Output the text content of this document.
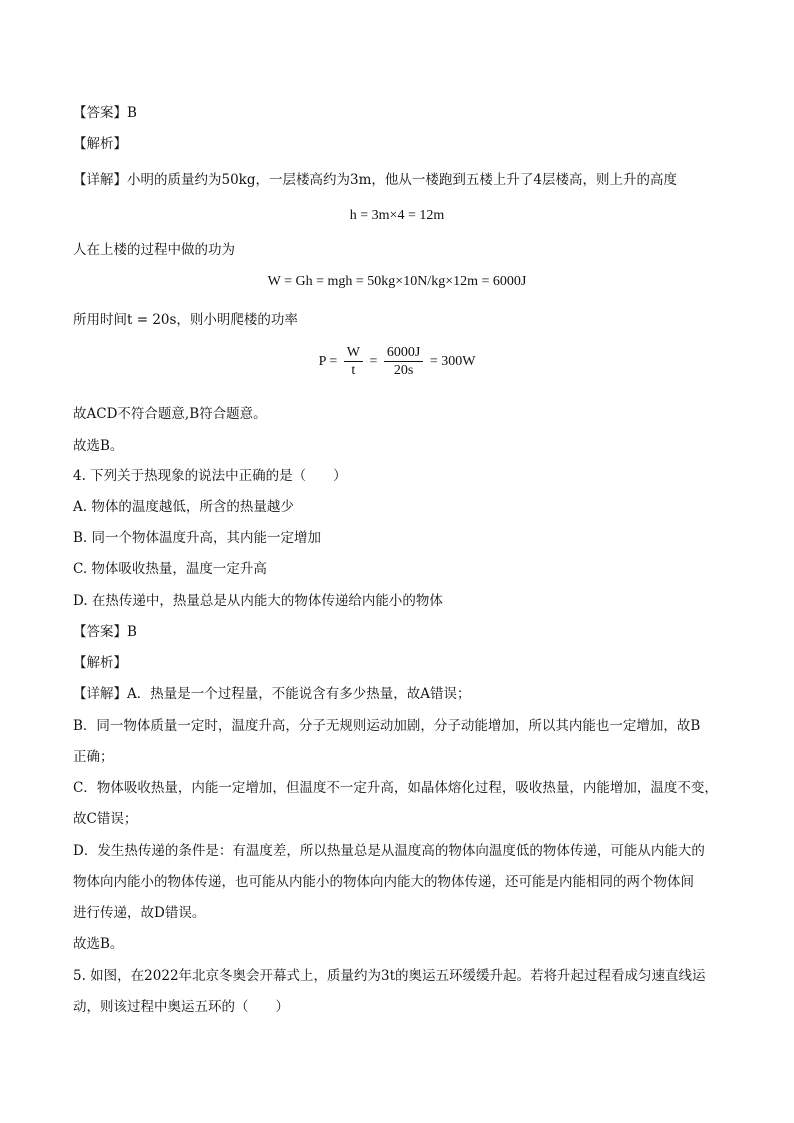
【答案】B
【解析】
【详解】小明的质量约为50kg，一层楼高约为3m，他从一楼跑到五楼上升了4层楼高，则上升的高度
h = 3m×4 = 12m
人在上楼的过程中做的功为
W = Gh = mgh = 50kg×10N/kg×12m = 6000J
所用时间t = 20s，则小明爬楼的功率
$P = \frac{W}{t} = \frac{6000J}{20s} = 300W$
故ACD不符合题意,B符合题意。
故选B。
4. 下列关于热现象的说法中正确的是（　　）
A. 物体的温度越低，所含的热量越少
B. 同一个物体温度升高，其内能一定增加
C. 物体吸收热量，温度一定升高
D. 在热传递中，热量总是从内能大的物体传递给内能小的物体
【答案】B
【解析】
【详解】A．热量是一个过程量，不能说含有多少热量，故A错误；
B．同一物体质量一定时，温度升高，分子无规则运动加剧，分子动能增加，所以其内能也一定增加，故B
正确；
C．物体吸收热量，内能一定增加，但温度不一定升高，如晶体熔化过程，吸收热量，内能增加，温度不变，
故C错误；
D．发生热传递的条件是：有温度差，所以热量总是从温度高的物体向温度低的物体传递，可能从内能大的
物体向内能小的物体传递，也可能从内能小的物体向内能大的物体传递，还可能是内能相同的两个物体间
进行传递，故D错误。
故选B。
5. 如图，在2022年北京冬奥会开幕式上，质量约为3t的奥运五环缓缓升起。若将升起过程看成匀速直线运
动，则该过程中奥运五环的（　　）
